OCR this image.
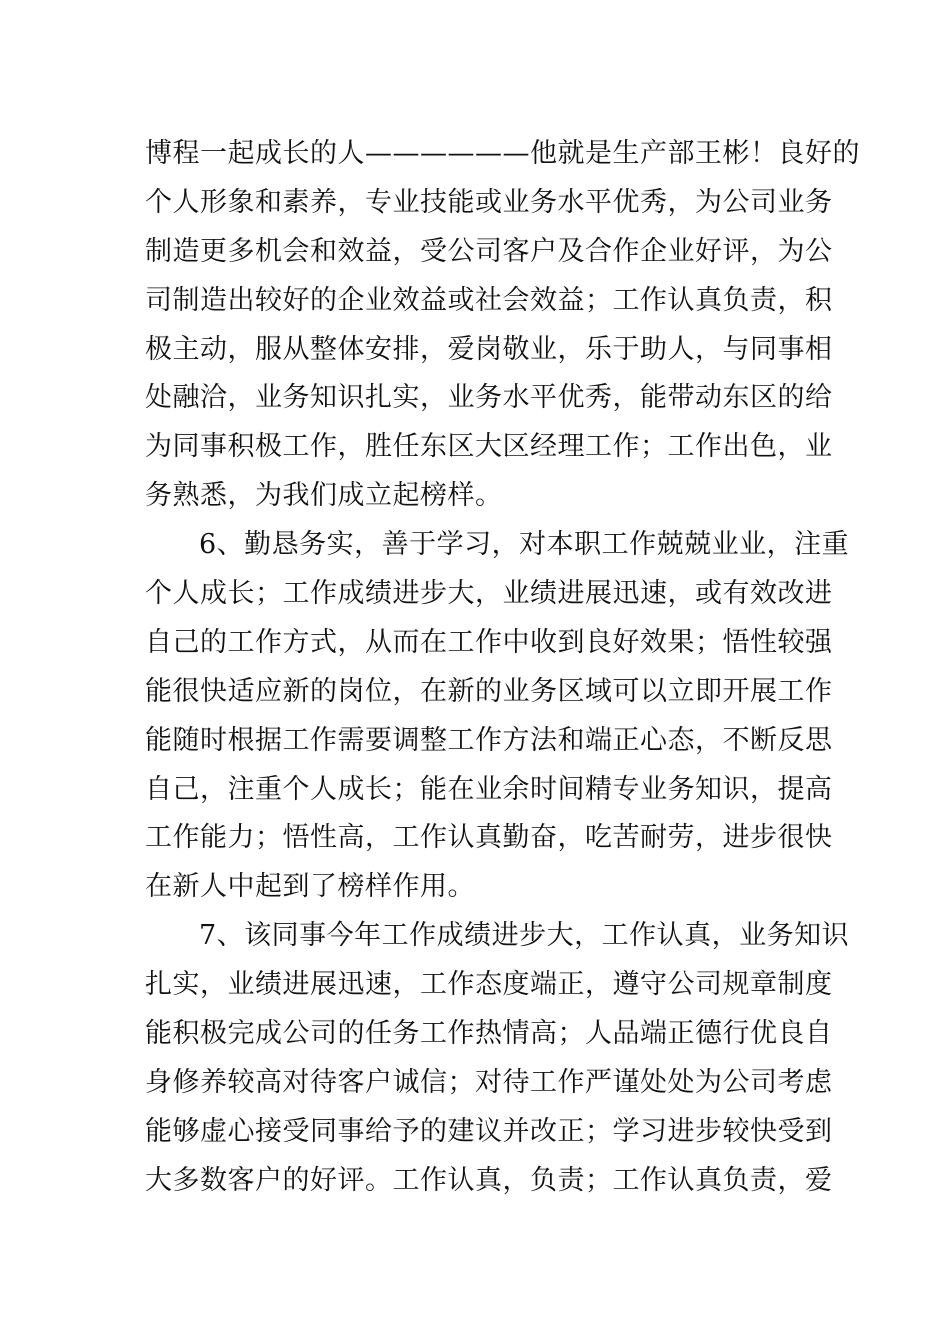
博程一起成长的人——————他就是生产部王彬！良好的
个人形象和素养，专业技能或业务水平优秀，为公司业务
制造更多机会和效益，受公司客户及合作企业好评，为公
司制造出较好的企业效益或社会效益；工作认真负责，积
极主动，服从整体安排，爱岗敬业，乐于助人，与同事相
处融洽，业务知识扎实，业务水平优秀，能带动东区的给
为同事积极工作，胜任东区大区经理工作；工作出色，业
务熟悉，为我们成立起榜样。
6、勤恳务实，善于学习，对本职工作兢兢业业，注重
个人成长；工作成绩进步大，业绩进展迅速，或有效改进
自己的工作方式，从而在工作中收到良好效果；悟性较强
能很快适应新的岗位，在新的业务区域可以立即开展工作
能随时根据工作需要调整工作方法和端正心态，不断反思
自己，注重个人成长；能在业余时间精专业务知识，提高
工作能力；悟性高，工作认真勤奋，吃苦耐劳，进步很快
在新人中起到了榜样作用。
7、该同事今年工作成绩进步大，工作认真，业务知识
扎实，业绩进展迅速，工作态度端正，遵守公司规章制度
能积极完成公司的任务工作热情高；人品端正德行优良自
身修养较高对待客户诚信；对待工作严谨处处为公司考虑
能够虚心接受同事给予的建议并改正；学习进步较快受到
大多数客户的好评。工作认真，负责；工作认真负责，爱
